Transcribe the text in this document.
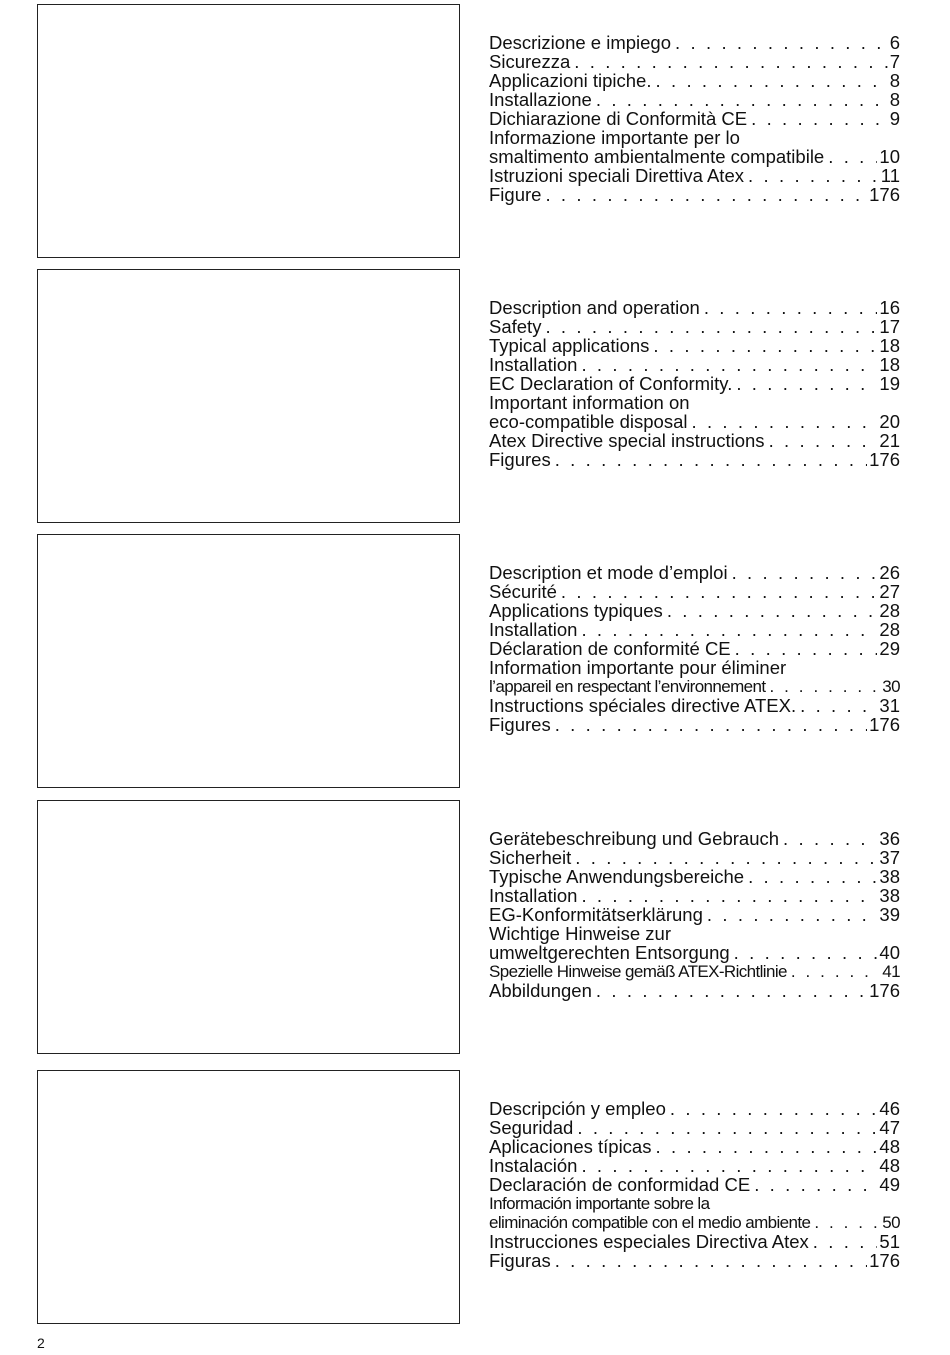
Descrizione e impiego . . .	6
Sicurezza . . .	7
Applicazioni tipiche. . . .	8
Installazione . . .	8
Dichiarazione di Conformità CE . . .	9
Informazione importante per lo
smaltimento ambientalmente compatibile . . .	10
Istruzioni speciali Direttiva Atex . . .	11
Figure . . .	176
Description and operation . . .	16
Safety . . .	17
Typical applications . . .	18
Installation . . .	18
EC Declaration of Conformity. . . .	19
Important information on
eco-compatible disposal . . .	20
Atex Directive special instructions . . .	21
Figures . . .	176
Description et mode d’emploi . . .	26
Sécurité . . .	27
Applications typiques . . .	28
Installation . . .	28
Déclaration de conformité CE . . .	29
Information importante pour éliminer
l’appareil en respectant l’environnement . . .	30
Instructions spéciales directive ATEX. . . .	31
Figures . . .	176
Gerätebeschreibung und Gebrauch . . .	36
Sicherheit . . .	37
Typische Anwendungsbereiche . . .	38
Installation . . .	38
EG-Konformitätserklärung . . .	39
Wichtige Hinweise zur
umweltgerechten Entsorgung . . .	40
Spezielle Hinweise gemäß ATEX-Richtlinie . . .	41
Abbildungen . . .	176
Descripción y empleo . . .	46
Seguridad . . .	47
Aplicaciones típicas . . .	48
Instalación . . .	48
Declaración de conformidad CE . . .	49
Información importante sobre la
eliminación compatible con el medio ambiente . . .	50
Instrucciones especiales Directiva Atex . . .	51
Figuras . . .	176
2
